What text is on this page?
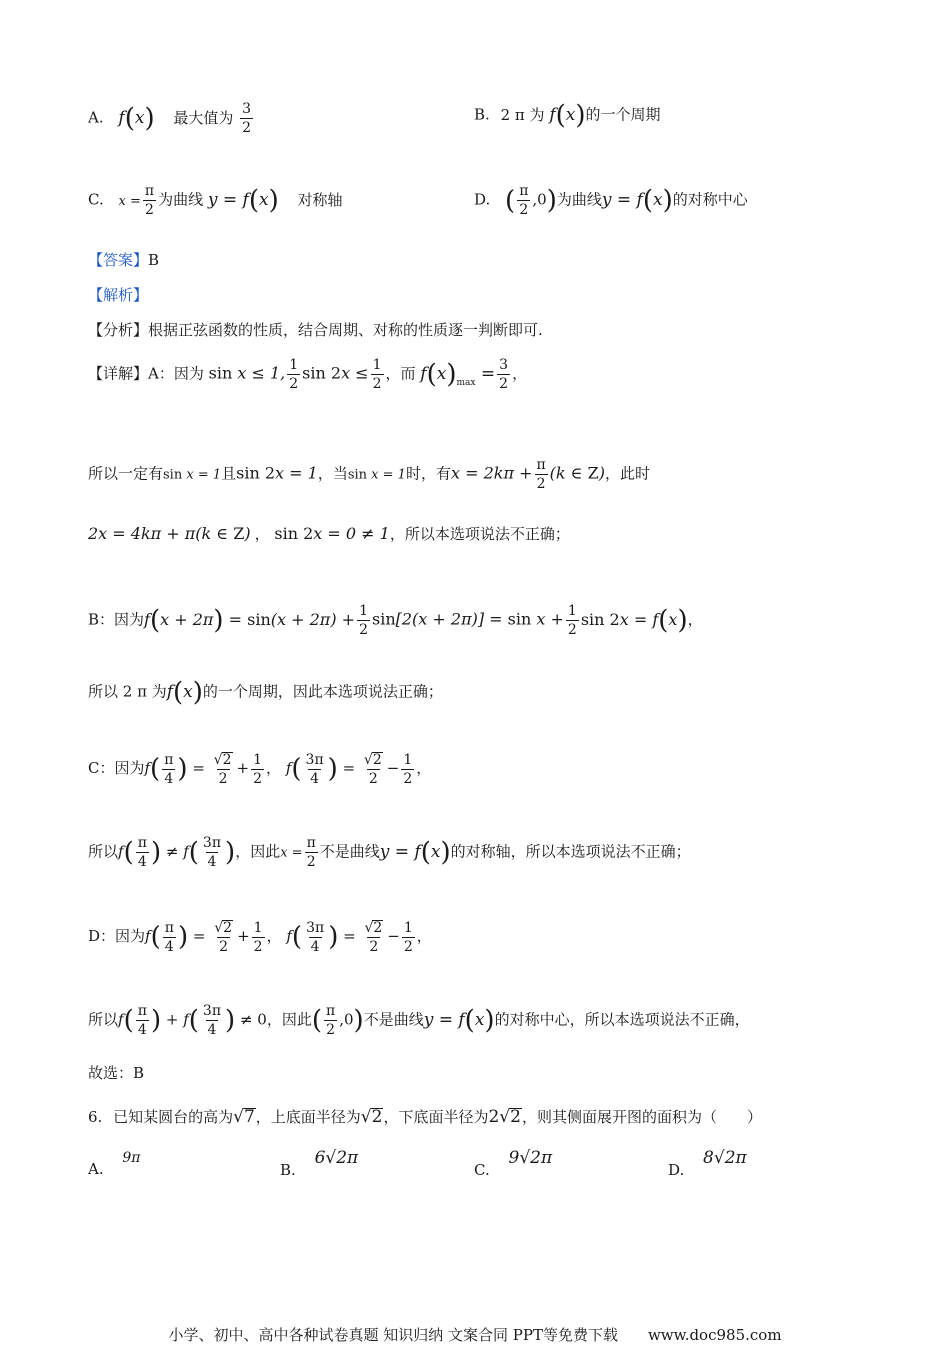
A. f(x) 最大值为 $\frac{3}{2}$	B. 2 π 为 f(x)的一个周期
C. $x = \frac{\pi}{2}$ 为曲线 y = f(x) 对称轴	D. ( $\frac{\pi}{2} ,0$)为曲线y = f(x)的对称中心
【答案】B
【解析】
【分析】根据正弦函数的性质，结合周期、对称的性质逐一判断即可.
【详解】A：因为 sin x ≤ 1, $\frac{1}{2}$ $\sin 2x \le \frac{1}{2}$ ，而 $f(x)_{max} = \frac{3}{2}$ ，
所以一定有sin x = 1且sin 2x = 1，当sin x = 1时，有$x = 2k\pi + \frac{\pi}{2} (k$ ∈ Z)，此时
2x = 4kπ + π(k ∈ Z) ， sin 2x = 0 ≠ 1，所以本选项说法不正确；
B：因为$f(x + 2\pi) = \sin(x + 2\pi) + \frac{1}{2} \sin[2(x + 2\pi)] = \sin x + \frac{1}{2}$ sin 2x = f(x)，
所以 2 π 为f(x)的一个周期，因此本选项说法正确；
C：因为$f( \frac{\pi}{4}$ ) = $\frac{√2}{2} + \frac{1}{2}$ ， $f( \frac{3\pi}{4}$ ) = $\frac{√2}{2} - \frac{1}{2}$ ，
所以$f( \frac{\pi}{4}$ ) ≠ $f( \frac{3\pi}{4}$ )，因此$x = \frac{\pi}{2}$ 不是曲线y = f(x)的对称轴，所以本选项说法不正确；
D：因为$f( \frac{\pi}{4}$ ) = $\frac{√2}{2} + \frac{1}{2}$ ， $f( \frac{3\pi}{4}$ ) = $\frac{√2}{2} - \frac{1}{2}$ ，
所以$f( \frac{\pi}{4}$ ) + $f( \frac{3\pi}{4}$ ) ≠ 0，因此( $\frac{\pi}{2} ,0$)不是曲线y = f(x)的对称中心，所以本选项说法不正确，
故选：B
6. 已知某圆台的高为√7，上底面半径为√2，下底面半径为2√2，则其侧面展开图的面积为（　　）
A. 9π
B. 6√2π
C. 9√2π
D. 8√2π
小学、初中、高中各种试卷真题 知识归纳 文案合同 PPT等免费下载　　www.doc985.com
